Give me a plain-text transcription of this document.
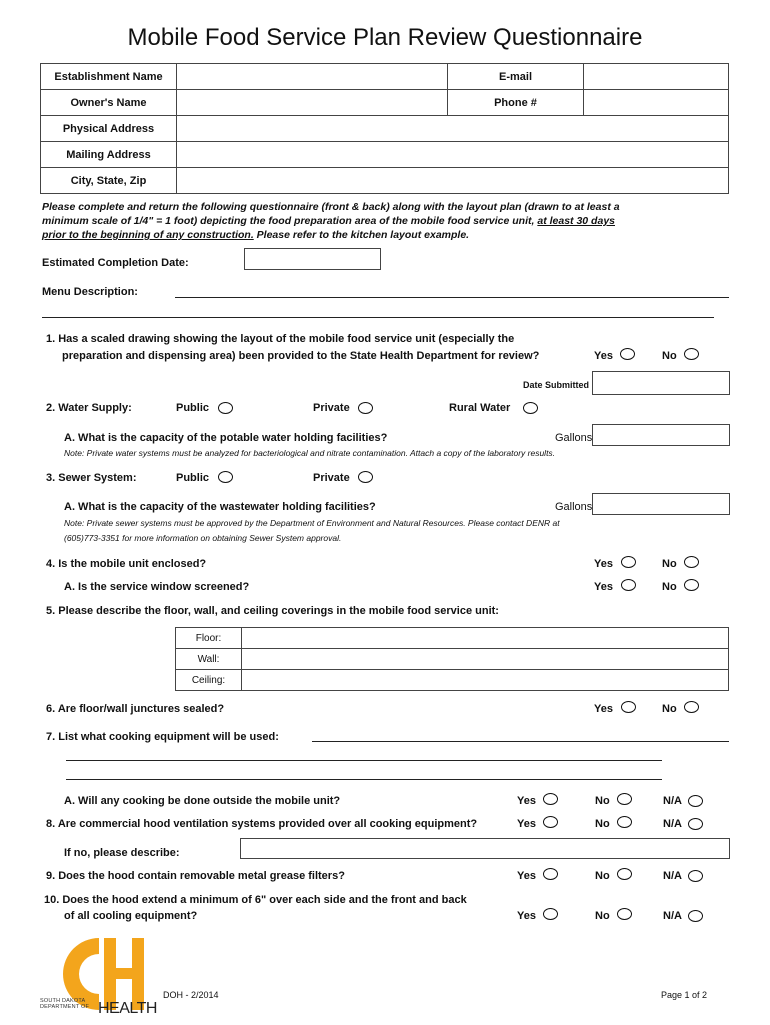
Mobile Food Service Plan Review Questionnaire
Establishment Name		E-mail	
Owner's Name		Phone #	
Physical Address			
Mailing Address			
City, State, Zip			
Please complete and return the following questionnaire (front & back) along with the layout plan (drawn to at least a
minimum scale of 1/4" = 1 foot) depicting the food preparation area of the mobile food service unit, at least 30 days
prior to the beginning of any construction. Please refer to the kitchen layout example.
Estimated Completion Date:
Menu Description:
1. Has a scaled drawing showing the layout of the mobile food service unit (especially the
preparation and dispensing area) been provided to the State Health Department for review?	Yes	No
Date Submitted
2. Water Supply:	Public	Private	Rural Water
A. What is the capacity of the potable water holding facilities?	Gallons
Note: Private water systems must be analyzed for bacteriological and nitrate contamination. Attach a copy of the laboratory results.
3. Sewer System:	Public	Private
A. What is the capacity of the wastewater holding facilities?	Gallons
Note: Private sewer systems must be approved by the Department of Environment and Natural Resources. Please contact DENR at
(605)773-3351 for more information on obtaining Sewer System approval.
4. Is the mobile unit enclosed?	Yes	No
A. Is the service window screened?	Yes	No
5. Please describe the floor, wall, and ceiling coverings in the mobile food service unit:
Floor:	
Wall:	
Ceiling:	
6. Are floor/wall junctures sealed?	Yes	No
7. List what cooking equipment will be used:
A. Will any cooking be done outside the mobile unit?	Yes	No	N/A
8. Are commercial hood ventilation systems provided over all cooking equipment?	Yes	No	N/A
If no, please describe:
9. Does the hood contain removable metal grease filters?	Yes	No	N/A
10. Does the hood extend a minimum of 6" over each side and the front and back
of all cooling equipment?	Yes	No	N/A
SOUTH DAKOTA DEPARTMENT OF HEALTH
DOH - 2/2014	Page 1 of 2
